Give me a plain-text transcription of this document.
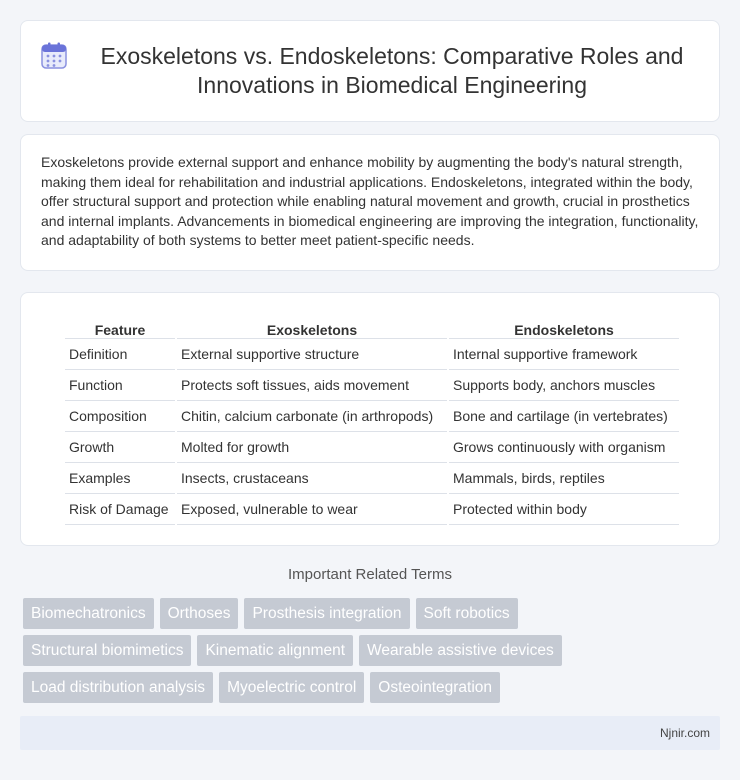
Exoskeletons vs. Endoskeletons: Comparative Roles and Innovations in Biomedical Engineering

Exoskeletons provide external support and enhance mobility by augmenting the body's natural strength, making them ideal for rehabilitation and industrial applications. Endoskeletons, integrated within the body, offer structural support and protection while enabling natural movement and growth, crucial in prosthetics and internal implants. Advancements in biomedical engineering are improving the integration, functionality, and adaptability of both systems to better meet patient-specific needs.

Feature	Exoskeletons	Endoskeletons
Definition	External supportive structure	Internal supportive framework
Function	Protects soft tissues, aids movement	Supports body, anchors muscles
Composition	Chitin, calcium carbonate (in arthropods)	Bone and cartilage (in vertebrates)
Growth	Molted for growth	Grows continuously with organism
Examples	Insects, crustaceans	Mammals, birds, reptiles
Risk of Damage	Exposed, vulnerable to wear	Protected within body
Important Related Terms
Biomechatronics	Orthoses	Prosthesis integration	Soft robotics
Structural biomimetics	Kinematic alignment	Wearable assistive devices
Load distribution analysis	Myoelectric control	Osteointegration
Njnir.com
